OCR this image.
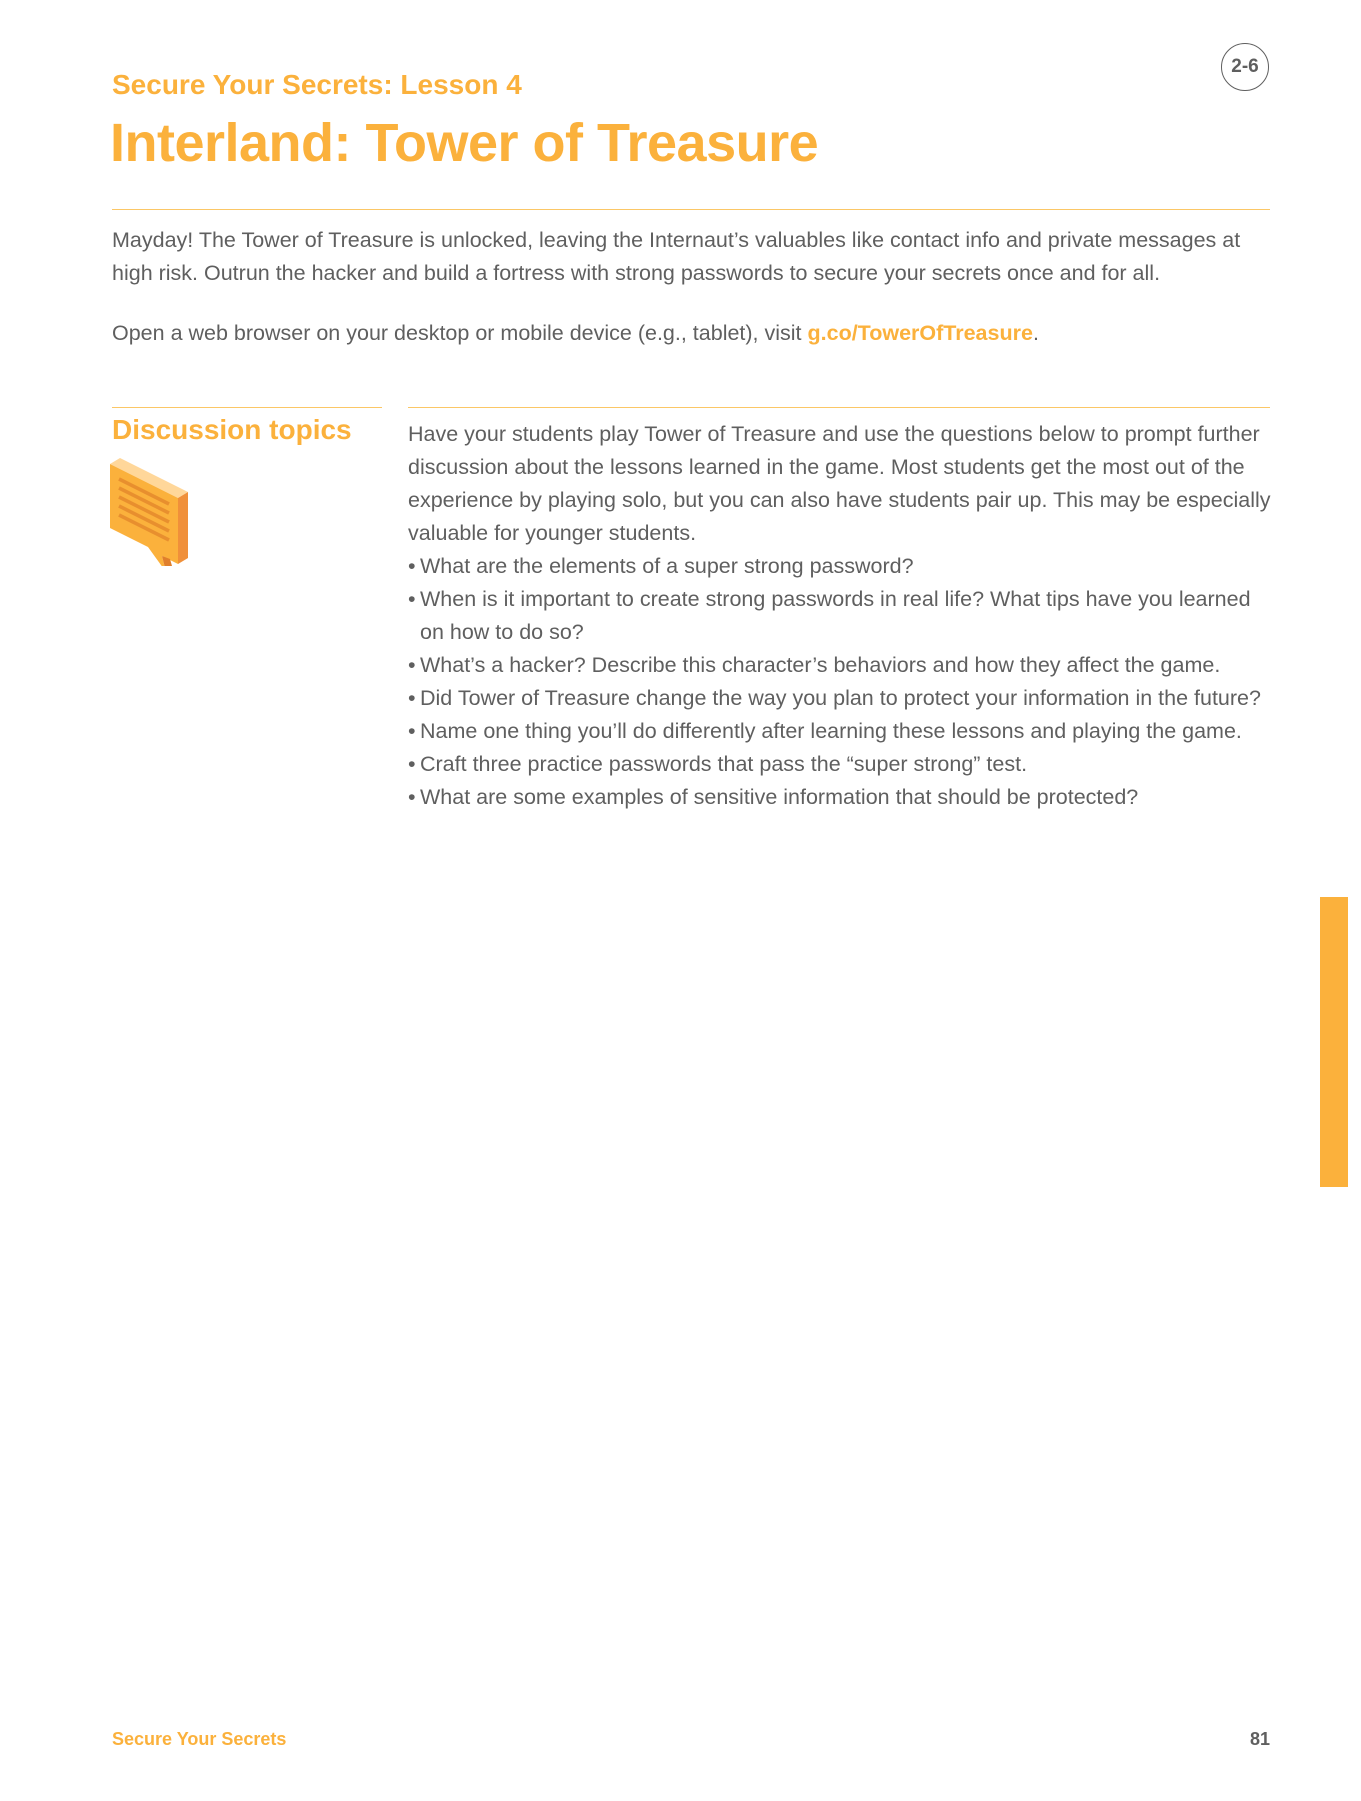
2-6
Secure Your Secrets: Lesson 4
Interland: Tower of Treasure

Mayday! The Tower of Treasure is unlocked, leaving the Internaut’s valuables like contact info and private messages at high risk. Outrun the hacker and build a fortress with strong passwords to secure your secrets once and for all.

Open a web browser on your desktop or mobile device (e.g., tablet), visit g.co/TowerOfTreasure.

Discussion topics	Have your students play Tower of Treasure and use the questions below to prompt further discussion about the lessons learned in the game. Most students get the most out of the experience by playing solo, but you can also have students pair up. This may be especially valuable for younger students.

• What are the elements of a super strong password?
• When is it important to create strong passwords in real life? What tips have you learned on how to do so?
• What’s a hacker? Describe this character’s behaviors and how they affect the game.
• Did Tower of Treasure change the way you plan to protect your information in the future?
• Name one thing you’ll do differently after learning these lessons and playing the game.
• Craft three practice passwords that pass the “super strong” test.
• What are some examples of sensitive information that should be protected?
Secure Your Secrets	81
